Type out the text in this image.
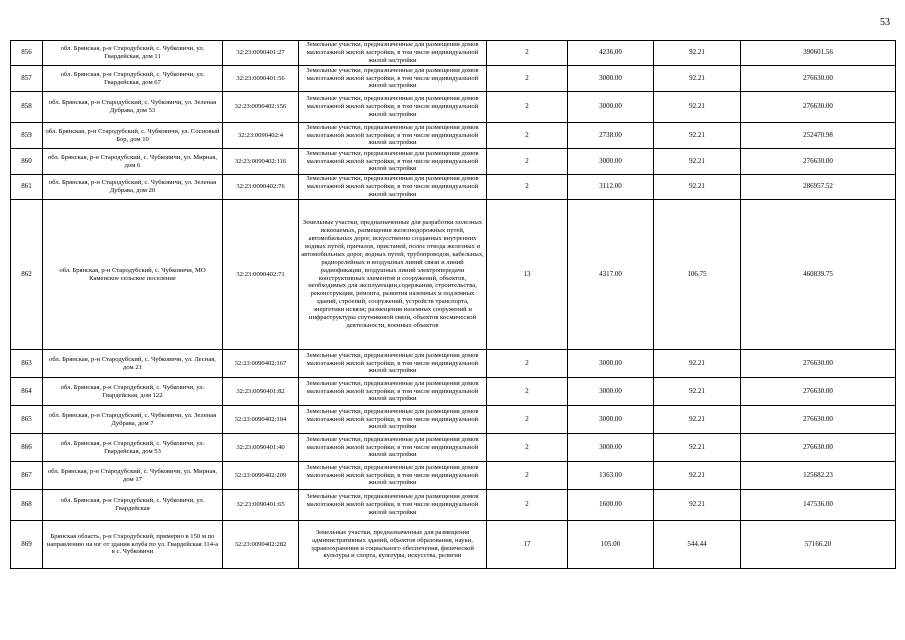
53
856	обл. Брянская, р-н Стародубский, с. Чубковичи, ул. Гвардейская, дом 11	32:23:0090401:27	Земельные участки, предназначенные для размещения домов малоэтажной жилой застройки, в том числе индивидуальной жилой застройки	2	4236.00	92.21	390601.56
857	обл. Брянская, р-н Стародубский, с. Чубковичи, ул. Гвардейская, дом 67	32:23:0090401:56	Земельные участки, предназначенные для размещения домов малоэтажной жилой застройки, в том числе индивидуальной жилой застройки	2	3000.00	92.21	276630.00
858	обл. Брянская, р-н Стародубский, с. Чубковичи, ул. Зеленая Дубрава, дом 53	32:23:0090402:156	Земельные участки, предназначенные для размещения домов малоэтажной жилой застройки, в том числе индивидуальной жилой застройки	2	3000.00	92.21	276630.00
859	обл. Брянская, р-н Стародубский, с. Чубковичи, ул. Сосновый Бор, дом 10	32:23:0090402:4	Земельные участки, предназначенные для размещения домов малоэтажной жилой застройки, в том числе индивидуальной жилой застройки	2	2738.00	92.21	252470.98
860	обл. Брянская, р-н Стародубский, с. Чубковичи, ул. Мирная, дом 6	32:23:0090402:116	Земельные участки, предназначенные для размещения домов малоэтажной жилой застройки, в том числе индивидуальной жилой застройки	2	3000.00	92.21	276630.00
861	обл. Брянская, р-н Стародубский, с. Чубковичи, ул. Зеленая Дубрава, дом 20	32:23:0090402:76	Земельные участки, предназначенные для размещения домов малоэтажной жилой застройки, в том числе индивидуальной жилой застройки	2	3112.00	92.21	286957.52
862	обл. Брянская, р-н Стародубский, с. Чубковичи, МО Каменское сельское поселение	32:23:0090402:71	Земельные участки, предназначенные для разработки полезных ископаемых, размещения железнодорожных путей, автомобильных дорог, искусственно созданных внутренних водных путей, причалов, пристаней, полос отвода железных и автомобильных дорог, водных путей, трубопроводов, кабельных, радиорелейных и воздушных линий связи и линий радиофикации, воздушных линий электропередачи конструктивных элементов и сооружений, объектов, необходимых для эксплуатации,содержания, строительства, реконструкции, ремонта, развития наземных и подземных зданий, строений, сооружений, устройств транспорта, энергетики исвязи; размещения наземных сооружений и инфраструктуры спутниковой связи, объектов космической деятельности, военных объектов	13	4317.00	106.75	460839.75
863	обл. Брянская, р-н Стародубский, с. Чубковичи, ул. Лесная, дом 21	32:23:0090402:167	Земельные участки, предназначенные для размещения домов малоэтажной жилой застройки, в том числе индивидуальной жилой застройки	2	3000.00	92.21	276630.00
864	обл. Брянская, р-н Стародубский, с. Чубковичи, ул. Гвардейская, дом 122	32:23:0090401:82	Земельные участки, предназначенные для размещения домов малоэтажной жилой застройки, в том числе индивидуальной жилой застройки	2	3000.00	92.21	276630.00
865	обл. Брянская, р-н Стародубский, с. Чубковичи, ул. Зеленая Дубрава, дом 7	32:23:0090402:104	Земельные участки, предназначенные для размещения домов малоэтажной жилой застройки, в том числе индивидуальной жилой застройки	2	3000.00	92.21	276630.00
866	обл. Брянская, р-н Стародубский, с. Чубковичи, ул. Гвардейская, дом 53	32:23:0090401:40	Земельные участки, предназначенные для размещения домов малоэтажной жилой застройки, в том числе индивидуальной жилой застройки	2	3000.00	92.21	276630.00
867	обл. Брянская, р-н Стародубский, с. Чубковичи, ул. Мирная, дом 17	32:23:0090402:209	Земельные участки, предназначенные для размещения домов малоэтажной жилой застройки, в том числе индивидуальной жилой застройки	2	1363.00	92.21	125682.23
868	обл. Брянская, р-н Стародубский, с. Чубковичи, ул. Гвардейская	32:23:0090401:65	Земельные участки, предназначенные для размещения домов малоэтажной жилой застройки, в том числе индивидуальной жилой застройки	2	1600.00	92.21	147536.00
869	Брянская область, р-н Стародубский, примерно в 150 м по направлению на юг от здания клуба по ул. Гвардейская 114-а в с. Чубковичи	32:23:0090402:282	Земельные участки, предназначенные для размещения административных зданий, объектов образования, науки, здравоохранения и социального обеспечения, физической культуры и спорта, культуры, искусства, религии	17	105.00	544.44	57166.20
